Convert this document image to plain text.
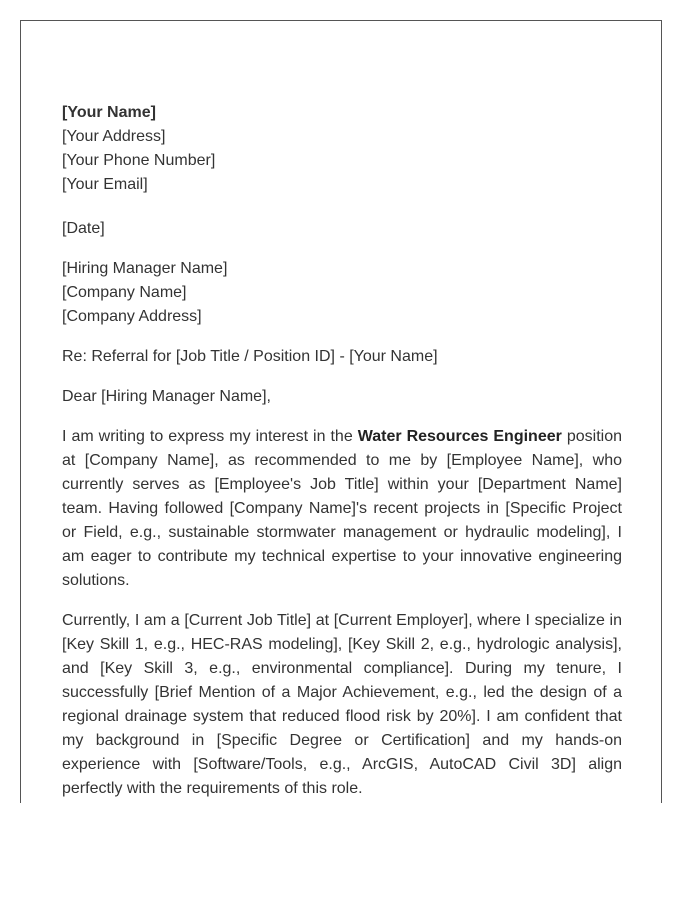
[Your Name]
[Your Address]
[Your Phone Number]
[Your Email]
[Date]
[Hiring Manager Name]
[Company Name]
[Company Address]
Re: Referral for [Job Title / Position ID] - [Your Name]
Dear [Hiring Manager Name],

I am writing to express my interest in the Water Resources Engineer position at [Company Name], as recommended to me by [Employee Name], who currently serves as [Employee's Job Title] within your [Department Name] team. Having followed [Company Name]'s recent projects in [Specific Project or Field, e.g., sustainable stormwater management or hydraulic modeling], I am eager to contribute my technical expertise to your innovative engineering solutions.

Currently, I am a [Current Job Title] at [Current Employer], where I specialize in [Key Skill 1, e.g., HEC-RAS modeling], [Key Skill 2, e.g., hydrologic analysis], and [Key Skill 3, e.g., environmental compliance]. During my tenure, I successfully [Brief Mention of a Major Achievement, e.g., led the design of a regional drainage system that reduced flood risk by 20%]. I am confident that my background in [Specific Degree or Certification] and my hands-on experience with [Software/Tools, e.g., ArcGIS, AutoCAD Civil 3D] align perfectly with the requirements of this role.
